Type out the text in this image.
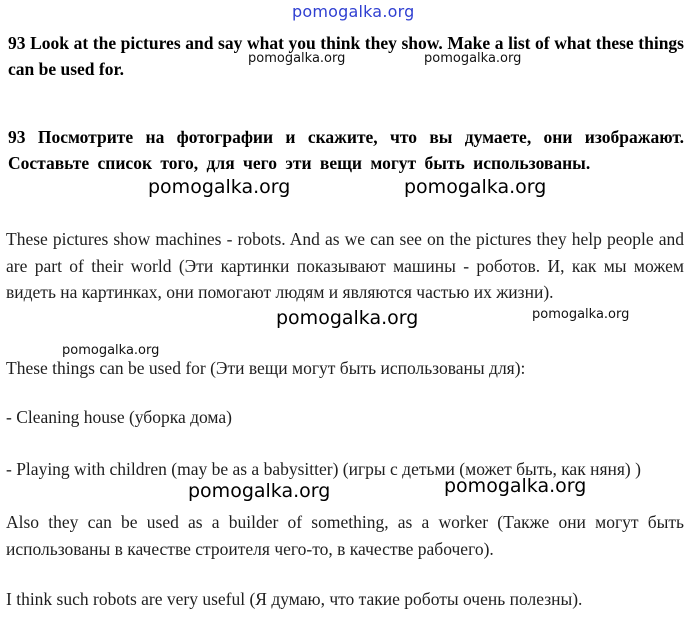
pomogalka.org
93 Look at the pictures and say what you think they show. Make a list of what these things can be used for.
pomogalka.org	pomogalka.org
93 Посмотрите на фотографии и скажите, что вы думаете, они изображают. Составьте список того, для чего эти вещи могут быть использованы.
pomogalka.org	pomogalka.org
These pictures show machines - robots. And as we can see on the pictures they help people and are part of their world (Эти картинки показывают машины - роботов. И, как мы можем видеть на картинках, они помогают людям и являются частью их жизни).
pomogalka.org	pomogalka.org
pomogalka.org
These things can be used for (Эти вещи могут быть использованы для):
- Cleaning house (уборка дома)
- Playing with children (may be as a babysitter) (игры с детьми (может быть, как няня) )
pomogalka.org	pomogalka.org
Also they can be used as a builder of something, as a worker (Также они могут быть использованы в качестве строителя чего-то, в качестве рабочего).
I think such robots are very useful (Я думаю, что такие роботы очень полезны).
